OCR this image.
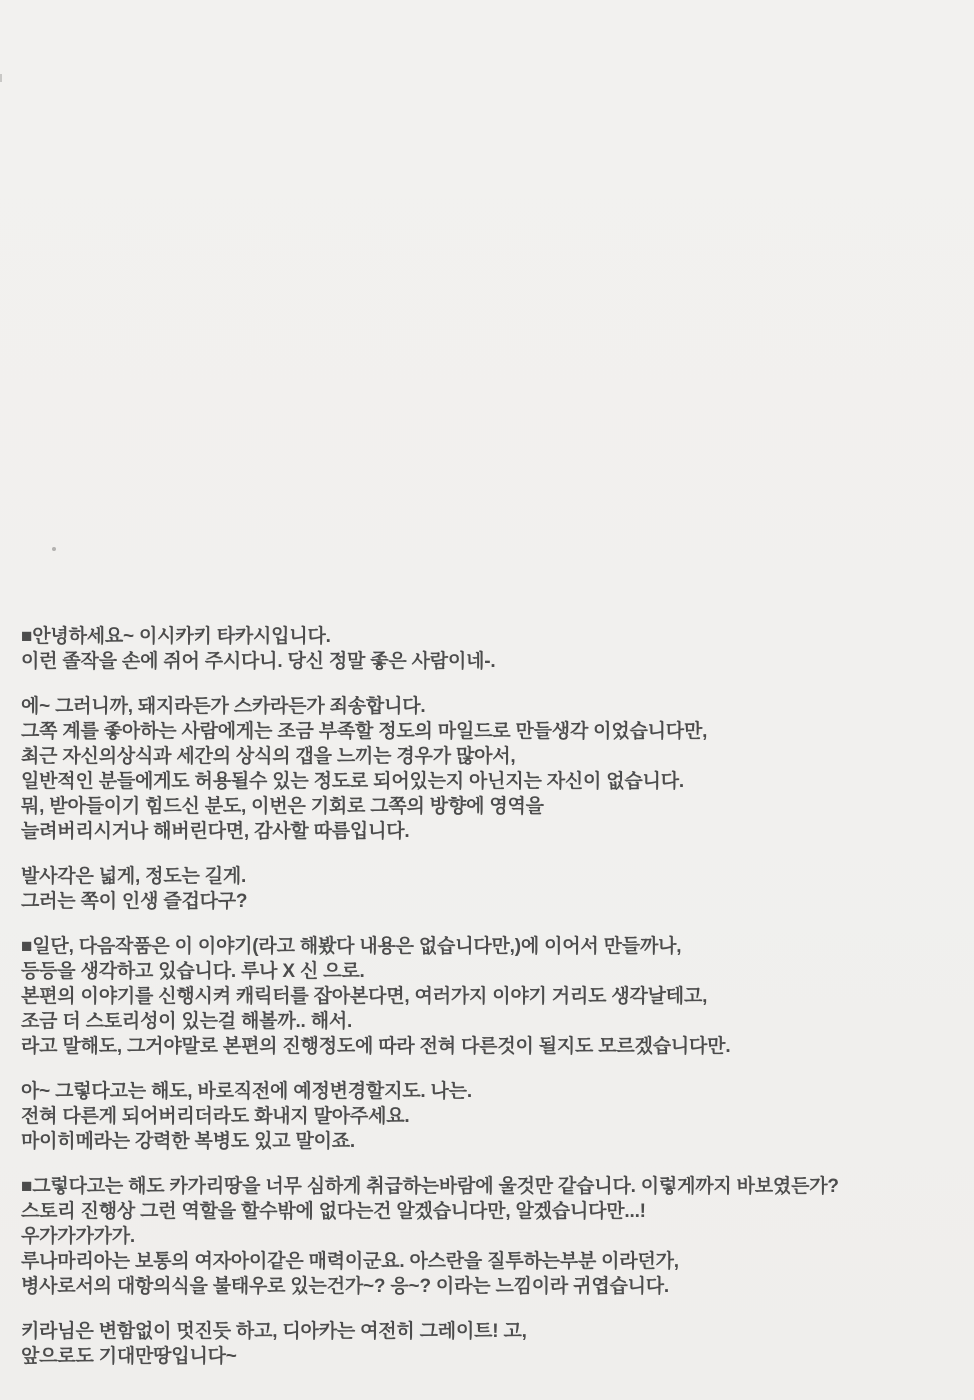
■안녕하세요~ 이시카키 타카시입니다.
이런 졸작을 손에 쥐어 주시다니. 당신 정말 좋은 사람이네-.
에~ 그러니까, 돼지라든가 스카라든가 죄송합니다.
그쪽 계를 좋아하는 사람에게는 조금 부족할 정도의 마일드로 만들생각 이었습니다만,
최근 자신의상식과 세간의 상식의 갭을 느끼는 경우가 많아서,
일반적인 분들에게도 허용될수 있는 정도로 되어있는지 아닌지는 자신이 없습니다.
뭐, 받아들이기 힘드신 분도, 이번은 기회로 그쪽의 방향에 영역을
늘려버리시거나 해버린다면, 감사할 따름입니다.
발사각은 넓게, 정도는 길게.
그러는 쪽이 인생 즐겁다구?
■일단, 다음작품은 이 이야기(라고 해봤다 내용은 없습니다만,)에 이어서 만들까나,
등등을 생각하고 있습니다. 루나 X 신 으로.
본편의 이야기를 신행시켜 캐릭터를 잡아본다면, 여러가지 이야기 거리도 생각날테고,
조금 더 스토리성이 있는걸 해볼까.. 해서.
라고 말해도, 그거야말로 본편의 진행정도에 따라 전혀 다른것이 될지도 모르겠습니다만.
아~ 그렇다고는 해도, 바로직전에 예정변경할지도. 나는.
전혀 다른게 되어버리더라도 화내지 말아주세요.
마이히메라는 강력한 복병도 있고 말이죠.
■그렇다고는 해도 카가리땅을 너무 심하게 취급하는바람에 울것만 같습니다. 이렇게까지 바보였든가?
스토리 진행상 그런 역할을 할수밖에 없다는건 알겠습니다만, 알겠습니다만...!
우가가가가가.
루나마리아는 보통의 여자아이같은 매력이군요. 아스란을 질투하는부분 이라던가,
병사로서의 대항의식을 불태우로 있는건가~? 응~? 이라는 느낌이라 귀엽습니다.
키라님은 변함없이 멋진듯 하고, 디아카는 여전히 그레이트! 고,
앞으로도 기대만땅입니다~
